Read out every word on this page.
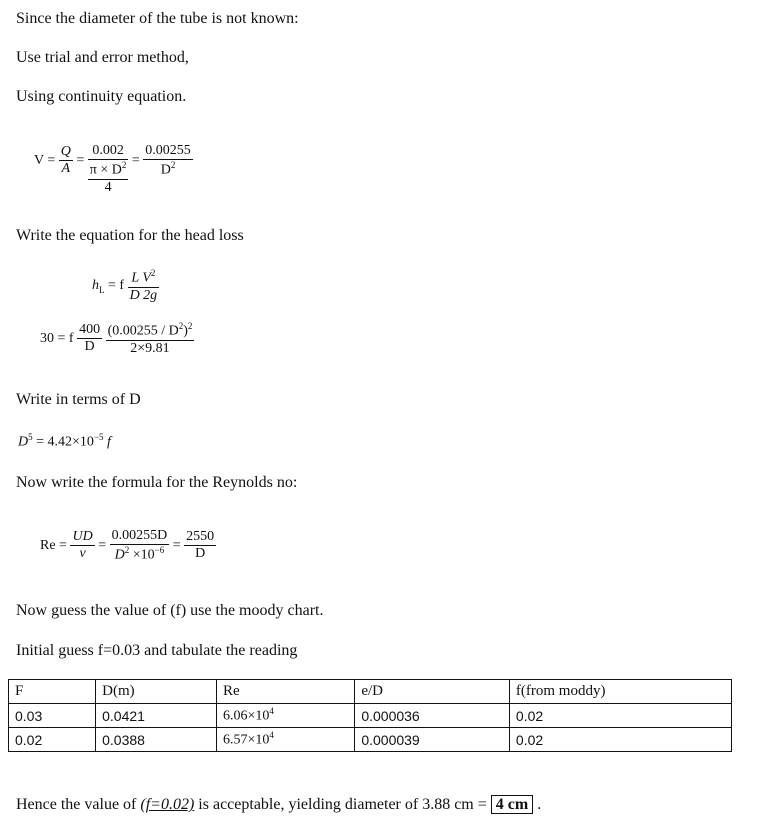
Since the diameter of the tube is not known:
Use trial and error method,
Using continuity equation.
$V = \frac{Q}{A}$ =
0.002
$\pi \times D^2$
4
= $\frac{0.00255}{D^2}$
Write the equation for the head loss
$h_L = f \frac{L V^2}{D 2g}$
30 = f $\frac{400}{D}$
$\frac{(0.00255 / D^2)^2}{2\times 9.81}$
Write in terms of D
$D^5 = 4.42\times 10^{-5}$ f
Now write the formula for the Reynolds no:
$Re = \frac{UD}{\nu} = \frac{0.00255D}{D^2 \times 10^{-6}} = \frac{2550}{D}$
Now guess the value of (f) use the moody chart.
Initial guess f=0.03 and tabulate the reading
F	D(m)	Re	e/D	f(from moddy)
0.03	0.0421	$6.06\times 10^4$	0.000036	0.02
0.02	0.0388	$6.57\times 10^4$	0.000039	0.02
Hence the value of (f=0.02) is acceptable, yielding diameter of 3.88 cm = 4 cm .
